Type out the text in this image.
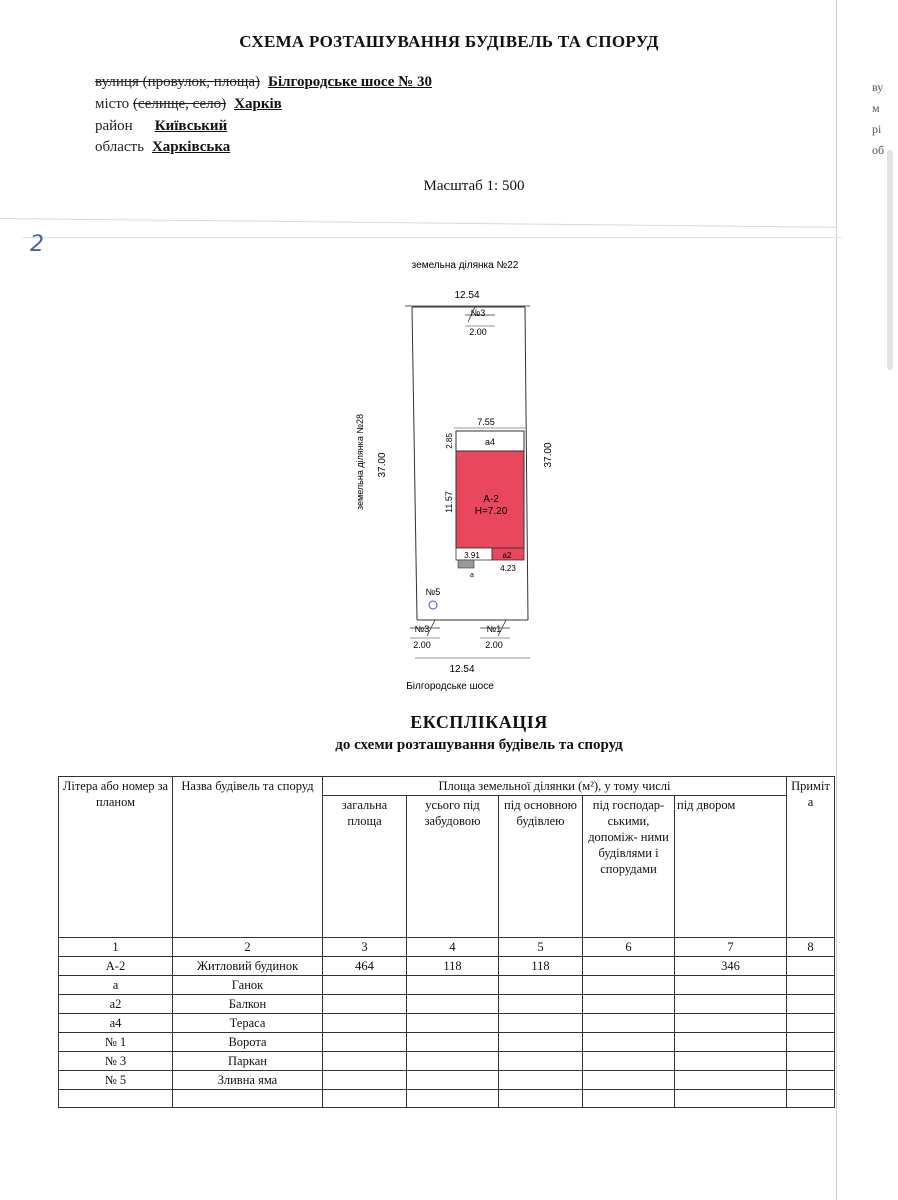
СХЕМА РОЗТАШУВАННЯ БУДІВЕЛЬ ТА СПОРУД
вулиця (провулок, площа) Білгородське шосе № 30
місто (селище, село) Харків
район Київський
область Харківська
Масштаб 1: 500
ву
м
рі
об
2
земельна ділянка №22
земельна ділянка №28 37.00	37.00
12.54
№3
2.00
7.55
а4
2.85
А-2
Н=7.20
11.57
3.91	а2
а
4.23
№5
№3
2.00
№1
2.00
12.54
Білгородське шосе
ЕКСПЛІКАЦІЯ
до схеми розташування будівель та споруд
Літера або номер за планом	Назва будівель та споруд	Площа земельної ділянки (м²), у тому числі					Приміт а
		загальна площа	усього під забудовою	під основною будівлею	під господар- ськими, допоміж- ними будівлями і спорудами	під двором	
1	2	3	4	5	6	7	8
А-2	Житловий будинок	464	118	118		346	
а	Ганок						
а2	Балкон						
а4	Тераса						
№ 1	Ворота						
№ 3	Паркан						
№ 5	Зливна яма						
